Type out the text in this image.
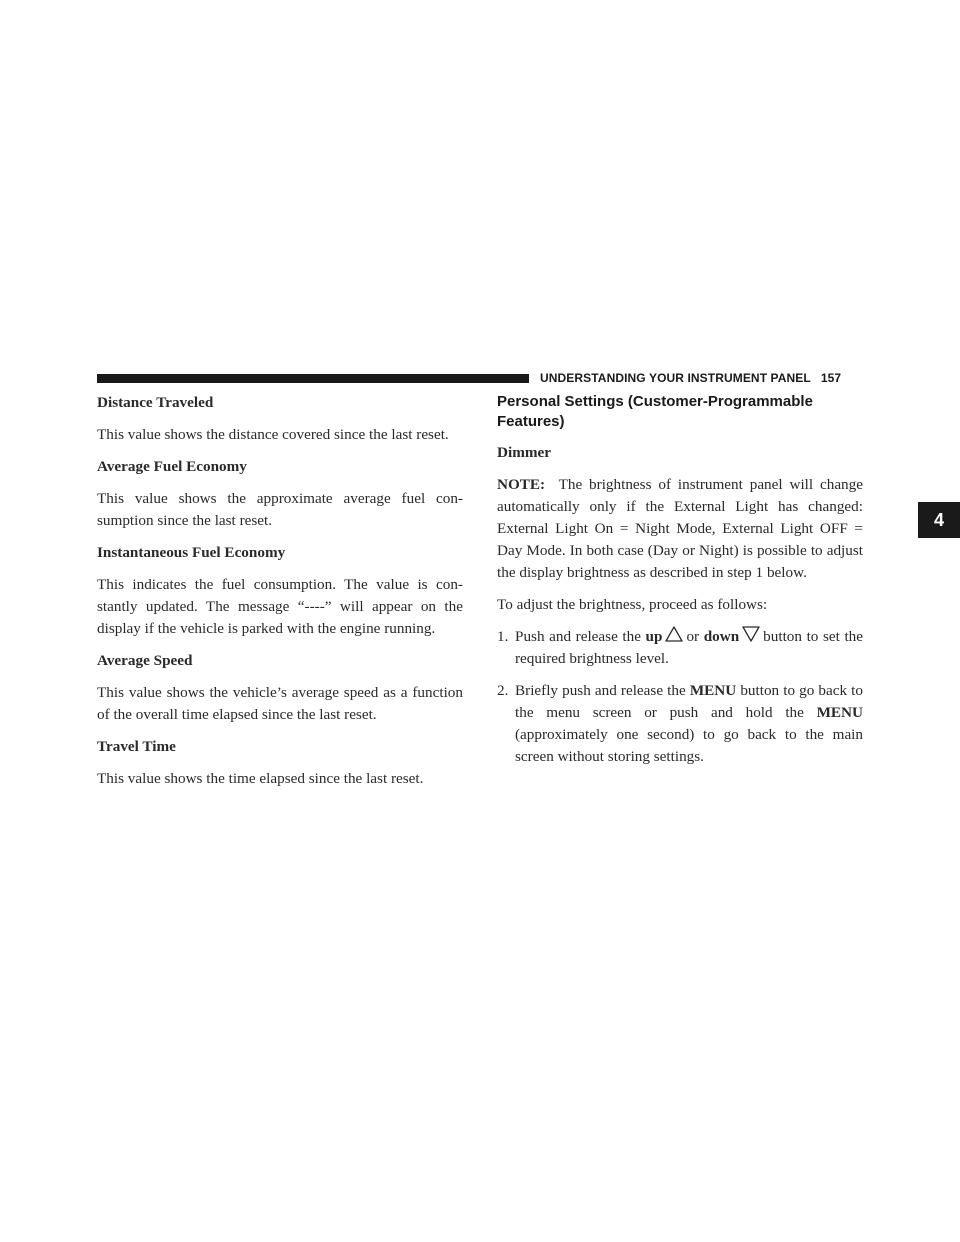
UNDERSTANDING YOUR INSTRUMENT PANEL 157
4
Distance Traveled

This value shows the distance covered since the last reset.

Average Fuel Economy

This value shows the approximate average fuel con- sumption since the last reset.

Instantaneous Fuel Economy

This indicates the fuel consumption. The value is con- stantly updated. The message “----” will appear on the display if the vehicle is parked with the engine running.

Average Speed

This value shows the vehicle’s average speed as a function of the overall time elapsed since the last reset.

Travel Time

This value shows the time elapsed since the last reset.

Personal Settings (Customer-Programmable Features)
Dimmer

NOTE: The brightness of instrument panel will change automatically only if the External Light has changed: External Light On = Night Mode, External Light OFF = Day Mode. In both case (Day or Night) is possible to adjust the display brightness as described in step 1 below.

To adjust the brightness, proceed as follows:

1. Push and release the up or down button to set the required brightness level.
2. Briefly push and release the MENU button to go back to the menu screen or push and hold the MENU (approximately one second) to go back to the main screen without storing settings.
